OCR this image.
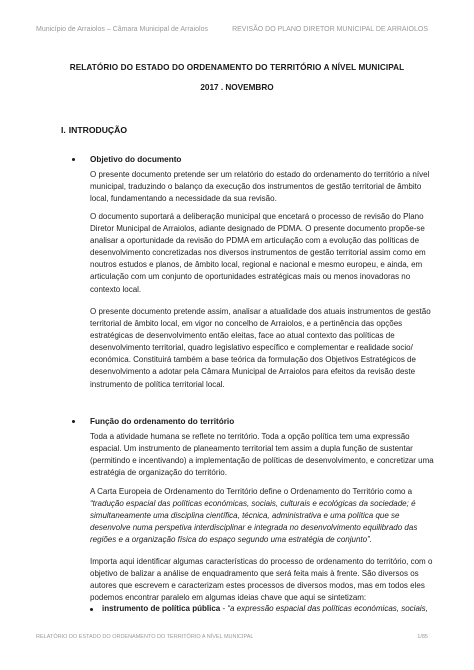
Município de Arraiolos – Câmara Municipal de Arraiolos	REVISÃO DO PLANO DIRETOR MUNICIPAL DE ARRAIOLOS
RELATÓRIO DO ESTADO DO ORDENAMENTO DO TERRITÓRIO A NÍVEL MUNICIPAL
2017 . NOVEMBRO
I. INTRODUÇÃO
Objetivo do documento
O presente documento pretende ser um relatório do estado do ordenamento do território a nível municipal, traduzindo o balanço da execução dos instrumentos de gestão territorial de âmbito local, fundamentando a necessidade da sua revisão.
O documento suportará a deliberação municipal que encetará o processo de revisão do Plano Diretor Municipal de Arraiolos, adiante designado de PDMA. O presente documento propõe-se analisar a oportunidade da revisão do PDMA em articulação com a evolução das políticas de desenvolvimento concretizadas nos diversos instrumentos de gestão territorial assim como em noutros estudos e planos, de âmbito local, regional e nacional e mesmo europeu, e ainda, em articulação com um conjunto de oportunidades estratégicas mais ou menos inovadoras no contexto local.
O presente documento pretende assim, analisar a atualidade dos atuais instrumentos de gestão territorial de âmbito local, em vigor no concelho de Arraiolos, e a pertinência das opções estratégicas de desenvolvimento então eleitas, face ao atual contexto das políticas de desenvolvimento territorial, quadro legislativo específico e complementar e realidade socio/ económica. Constituirá também a base teórica da formulação dos Objetivos Estratégicos de desenvolvimento a adotar pela Câmara Municipal de Arraiolos para efeitos da revisão deste instrumento de política territorial local.
Função do ordenamento do território
Toda a atividade humana se reflete no território. Toda a opção política tem uma expressão espacial. Um instrumento de planeamento territorial tem assim a dupla função de sustentar (permitindo e incentivando) a implementação de políticas de desenvolvimento, e concretizar uma estratégia de organização do território.
A Carta Europeia de Ordenamento do Território define o Ordenamento do Território como a “tradução espacial das políticas económicas, sociais, culturais e ecológicas da sociedade; é simultaneamente uma disciplina científica, técnica, administrativa e uma política que se desenvolve numa perspetiva interdisciplinar e integrada no desenvolvimento equilibrado das regiões e a organização física do espaço segundo uma estratégia de conjunto”.
Importa aqui identificar algumas características do processo de ordenamento do território, com o objetivo de balizar a análise de enquadramento que será feita mais à frente. São diversos os autores que escrevem e caracterizam estes processos de diversos modos, mas em todos eles podemos encontrar paralelo em algumas ideias chave que aqui se sintetizam:
instrumento de política pública - “a expressão espacial das políticas económicas, sociais,
RELATÓRIO DO ESTADO DO ORDENAMENTO DO TERRITÓRIO A NÍVEL MUNICIPAL	1/85
